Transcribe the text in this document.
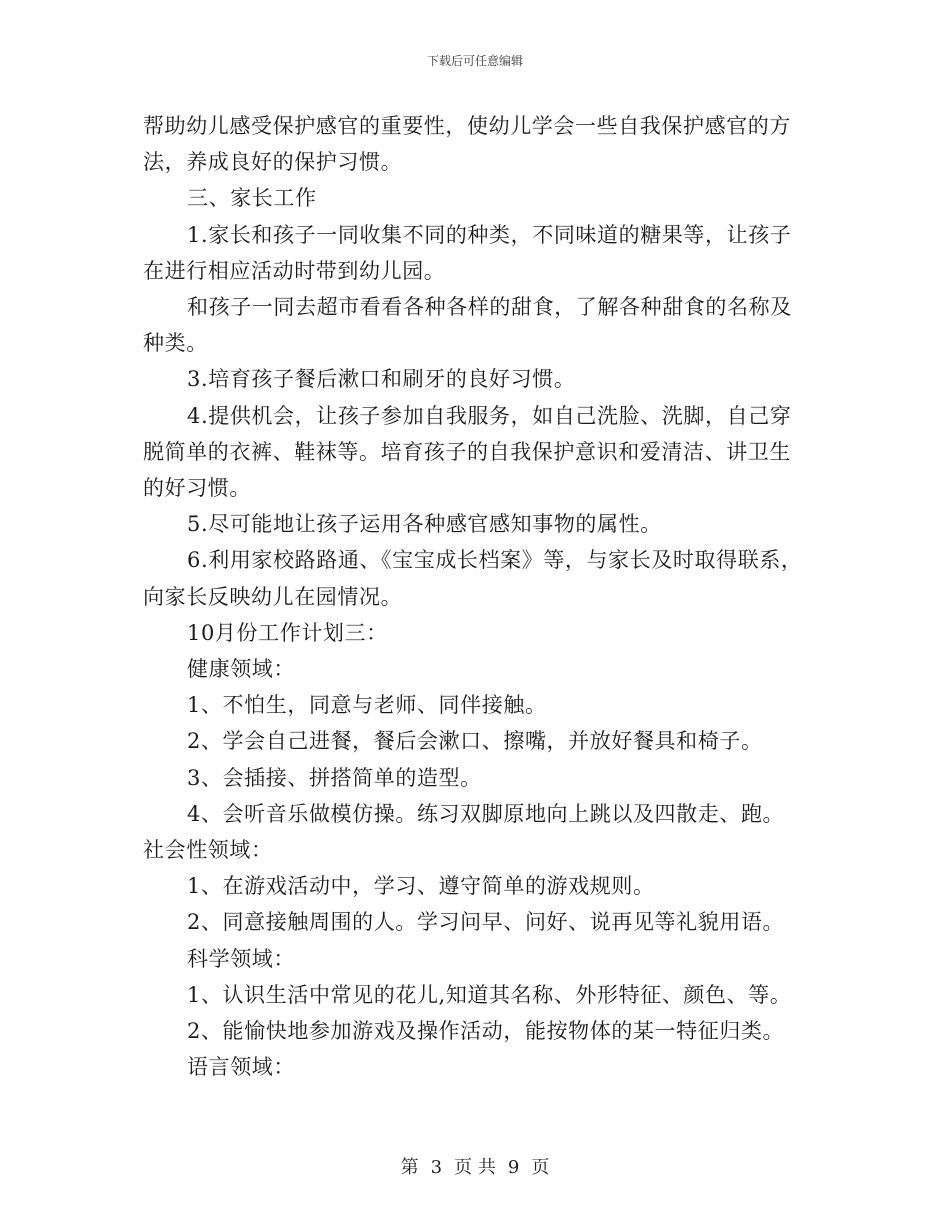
下载后可任意编辑
帮助幼儿感受保护感官的重要性，使幼儿学会一些自我保护感官的方
法，养成良好的保护习惯。
三、家长工作
1.家长和孩子一同收集不同的种类，不同味道的糖果等，让孩子
在进行相应活动时带到幼儿园。
和孩子一同去超市看看各种各样的甜食，了解各种甜食的名称及
种类。
3.培育孩子餐后漱口和刷牙的良好习惯。
4.提供机会，让孩子参加自我服务，如自己洗脸、洗脚，自己穿
脱简单的衣裤、鞋袜等。培育孩子的自我保护意识和爱清洁、讲卫生
的好习惯。
5.尽可能地让孩子运用各种感官感知事物的属性。
6.利用家校路路通、《宝宝成长档案》等，与家长及时取得联系，
向家长反映幼儿在园情况。
10月份工作计划三：
健康领域：
1、不怕生，同意与老师、同伴接触。
2、学会自己进餐，餐后会漱口、擦嘴，并放好餐具和椅子。
3、会插接、拼搭简单的造型。
4、会听音乐做模仿操。练习双脚原地向上跳以及四散走、跑。
社会性领域：
1、在游戏活动中，学习、遵守简单的游戏规则。
2、同意接触周围的人。学习问早、问好、说再见等礼貌用语。
科学领域：
1、认识生活中常见的花儿,知道其名称、外形特征、颜色、等。
2、能愉快地参加游戏及操作活动，能按物体的某一特征归类。
语言领域：
第 3 页 共 9 页
